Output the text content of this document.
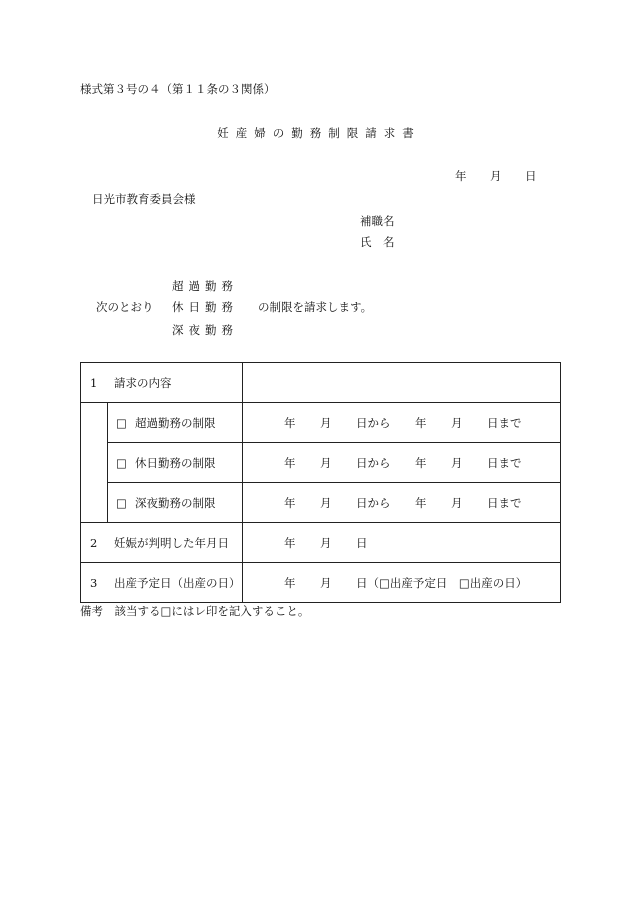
様式第３号の４（第１１条の３関係）
妊産婦の勤務制限請求書
年 月 日
日光市教育委員会様
補職名
氏　名
次のとおり
超過勤務
休日勤務
深夜勤務
の制限を請求します。
1 請求の内容		
	□ 超過勤務の制限	年 月 日から 年 月 日まで
	□ 休日勤務の制限	年 月 日から 年 月 日まで
	□ 深夜勤務の制限	年 月 日から 年 月 日まで
2 妊娠が判明した年月日		年 月 日
3 出産予定日（出産の日）		年 月 日（□出産予定日　□出産の日）
備考　該当する□にはレ印を記入すること。
